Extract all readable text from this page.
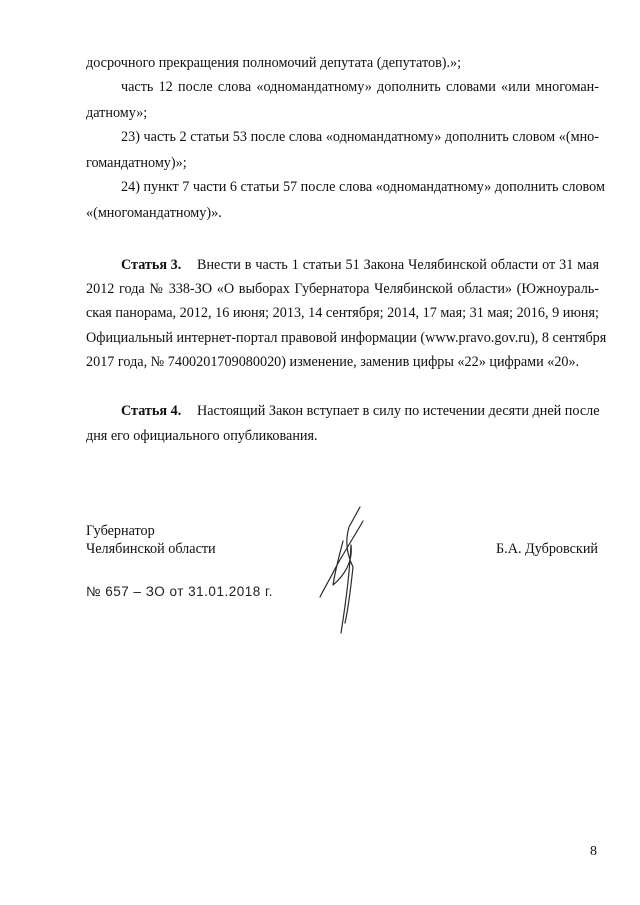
досрочного прекращения полномочий депутата (депутатов).»;
часть 12 после слова «одномандатному» дополнить словами «или многоман-
датному»;
23) часть 2 статьи 53 после слова «одномандатному» дополнить словом «(мно-
гомандатному)»;
24) пункт 7 части 6 статьи 57 после слова «одномандатному» дополнить словом
«(многомандатному)».
Статья 3. Внести в часть 1 статьи 51 Закона Челябинской области от 31 мая
2012 года № 338-ЗО «О выборах Губернатора Челябинской области» (Южноураль-
ская панорама, 2012, 16 июня; 2013, 14 сентября; 2014, 17 мая; 31 мая; 2016, 9 июня;
Официальный интернет-портал правовой информации (www.pravo.gov.ru), 8 сентября
2017 года, № 7400201709080020) изменение, заменив цифры «22» цифрами «20».
Статья 4. Настоящий Закон вступает в силу по истечении десяти дней после
дня его официального опубликования.
Губернатор
Челябинской области	Б.А. Дубровский
№ 657 – ЗО от 31.01.2018 г.
8
